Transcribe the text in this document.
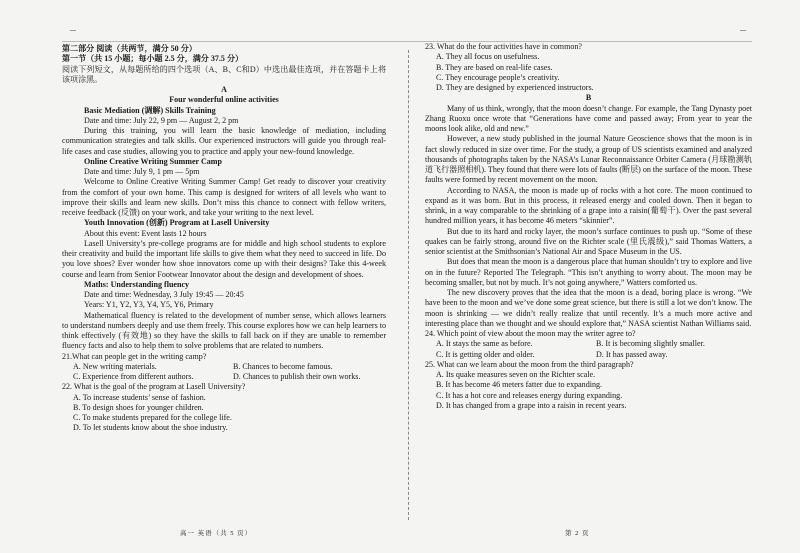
第二部分 阅读（共两节，满分 50 分）
第一节（共 15 小题；每小题 2.5 分，满分 37.5 分）
阅读下列短文，从每题所给的四个选项（A、B、C和D）中选出最佳选项，并在答题卡上将该项涂黑。
A
Four wonderful online activities
Basic Mediation (调解) Skills Training
Date and time: July 22, 9 pm — August 2, 2 pm
During this training, you will learn the basic knowledge of mediation, including communication strategies and talk skills. Our experienced instructors will guide you through real-life cases and case studies, allowing you to practice and apply your new-found knowledge.
Online Creative Writing Summer Camp
Date and time: July 9, 1 pm — 5pm
Welcome to Online Creative Writing Summer Camp! Get ready to discover your creativity from the comfort of your own home. This camp is designed for writers of all levels who want to improve their skills and learn new skills. Don’t miss this chance to connect with fellow writers, receive feedback (反馈) on your work, and take your writing to the next level.
Youth Innovation (创新) Program at Lasell University
About this event: Event lasts 12 hours
Lasell University’s pre-college programs are for middle and high school students to explore their creativity and build the important life skills to give them what they need to succeed in life. Do you love shoes? Ever wonder how shoe innovators come up with their designs? Take this 4-week course and learn from Senior Footwear Innovator about the design and development of shoes.
Maths: Understanding fluency
Date and time: Wednesday, 3 July 19:45 — 20:45
Years: Y1, Y2, Y3, Y4, Y5, Y6, Primary
Mathematical fluency is related to the development of number sense, which allows learners to understand numbers deeply and use them freely. This course explores how we can help learners to think effectively (有效地) so they have the skills to fall back on if they are unable to remember fluency facts and also to help them to solve problems that are related to numbers.
21.What can people get in the writing camp?
A. New writing materials.	B. Chances to become famous.
C. Experience from different authors.	D. Chances to publish their own works.
22. What is the goal of the program at Lasell University?
A. To increase students’ sense of fashion.
B. To design shoes for younger children.
C. To make students prepared for the college life.
D. To let students know about the shoe industry.
23. What do the four activities have in common?
A. They all focus on usefulness.
B. They are based on real-life cases.
C. They encourage people’s creativity.
D. They are designed by experienced instructors.
B
Many of us think, wrongly, that the moon doesn’t change. For example, the Tang Dynasty poet Zhang Ruoxu once wrote that “Generations have come and passed away; From year to year the moons look alike, old and new.”
However, a new study published in the journal Nature Geoscience shows that the moon is in fact slowly reduced in size over time. For the study, a group of US scientists examined and analyzed thousands of photographs taken by the NASA’s Lunar Reconnaissance Orbiter Camera (月球勘测轨道飞行器照相机). They found that there were lots of faults (断层) on the surface of the moon. These faults were formed by recent movement on the moon.
According to NASA, the moon is made up of rocks with a hot core. The moon continued to expand as it was born. But in this process, it released energy and cooled down. Then it began to shrink, in a way comparable to the shrinking of a grape into a raisin(葡萄干). Over the past several hundred million years, it has become 46 meters “skinnier”.
But due to its hard and rocky layer, the moon’s surface continues to push up. “Some of these quakes can be fairly strong, around five on the Richter scale (里氏震级),” said Thomas Watters, a senior scientist at the Smithsonian’s National Air and Space Museum in the US.
But does that mean the moon is a dangerous place that human shouldn’t try to explore and live on in the future? Reported The Telegraph. “This isn’t anything to worry about. The moon may be becoming smaller, but not by much. It’s not going anywhere,” Watters comforted us.
The new discovery proves that the idea that the moon is a dead, boring place is wrong. “We have been to the moon and we’ve done some great science, but there is still a lot we don’t know. The moon is shrinking — we didn’t really realize that until recently. It’s a much more active and interesting place than we thought and we should explore that,” NASA scientist Nathan Williams said.
24. Which point of view about the moon may the writer agree to?
A. It stays the same as before.	B. It is becoming slightly smaller.
C. It is getting older and older.	D. It has passed away.
25. What can we learn about the moon from the third paragraph?
A. Its quake measures seven on the Richter scale.
B. It has become 46 meters fatter due to expanding.
C. It has a hot core and releases energy during expanding.
D. It has changed from a grape into a raisin in recent years.
高一 英语（共 5 页）	第 2 页
